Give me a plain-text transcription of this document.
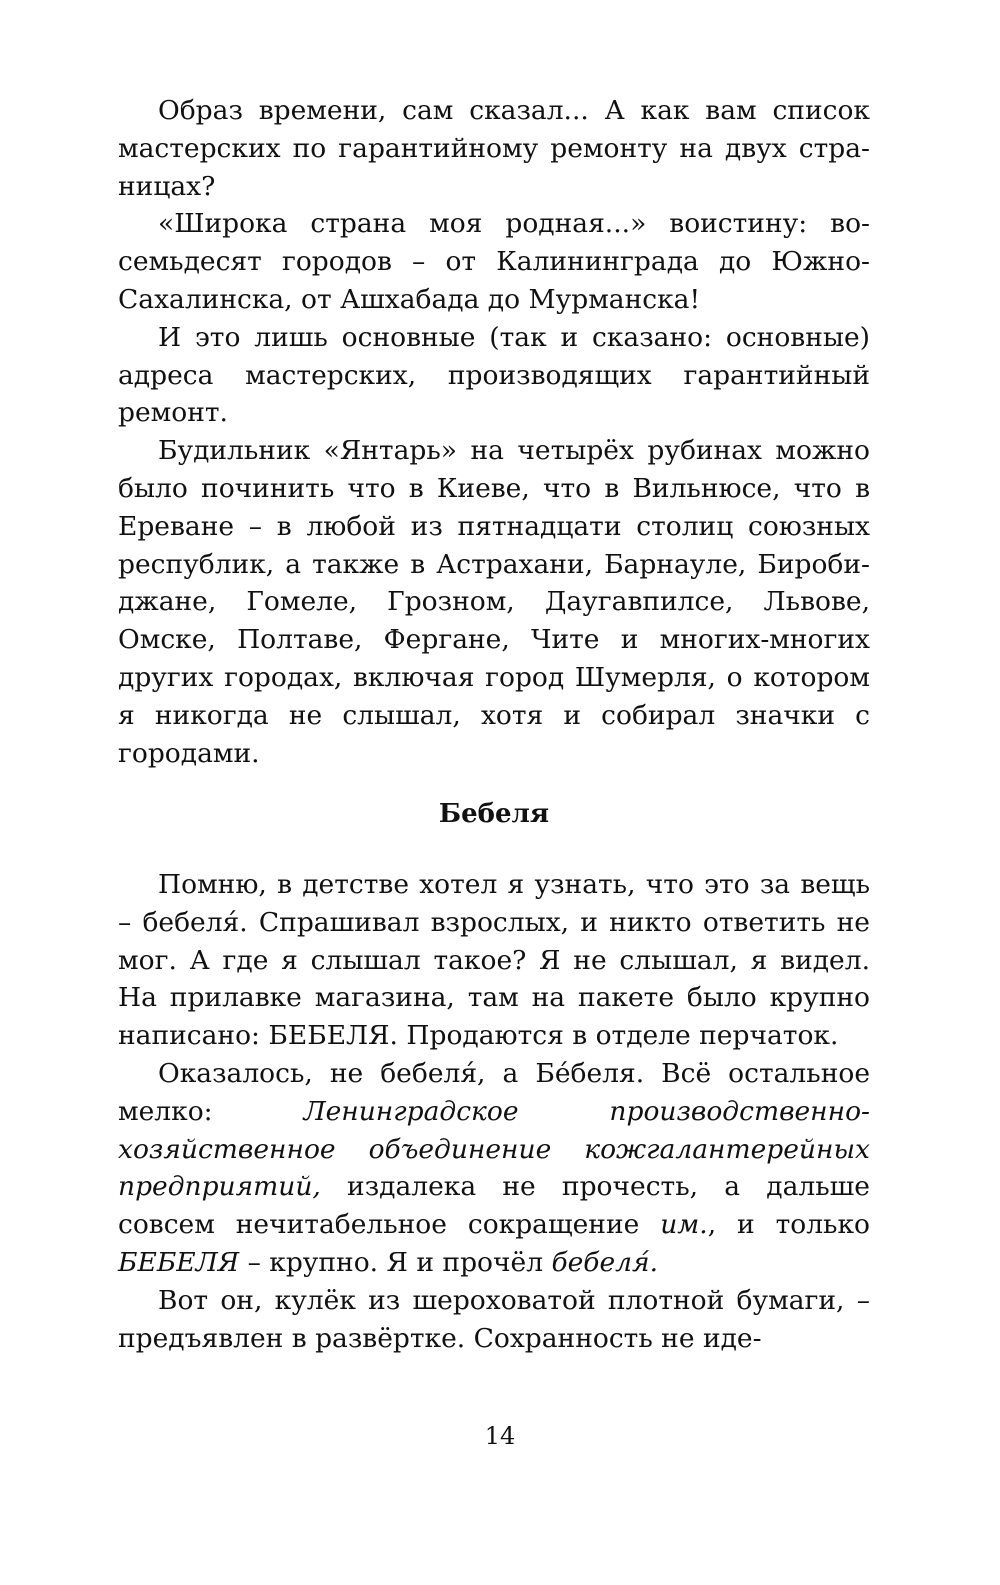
Образ времени, сам сказал... А как вам список мастерских по гарантийному ремонту на двух страницах?

«Широка страна моя родная...» воистину: восемьдесят городов – от Калининграда до Южно-Сахалинска, от Ашхабада до Мурманска!

И это лишь основные (так и сказано: основные) адреса мастерских, производящих гарантийный ремонт.

Будильник «Янтарь» на четырёх рубинах можно было починить что в Киеве, что в Вильнюсе, что в Ереване – в любой из пятнадцати столиц союзных республик, а также в Астрахани, Барнауле, Биробиджане, Гомеле, Грозном, Даугавпилсе, Львове, Омске, Полтаве, Фергане, Чите и многих-многих других городах, включая город Шумерля, о котором я никогда не слышал, хотя и собирал значки с городами.

Бебеля

Помню, в детстве хотел я узнать, что это за вещь – бебеля́. Спрашивал взрослых, и никто ответить не мог. А где я слышал такое? Я не слышал, я видел. На прилавке магазина, там на пакете было крупно написано: БЕБЕЛЯ. Продаются в отделе перчаток.

Оказалось, не бебеля́, а Бе́беля. Всё остальное мелко: Ленинградское производственно-хозяйственное объединение кожгалантерейных предприятий, издалека не прочесть, а дальше совсем нечитабельное сокращение им., и только БЕБЕЛЯ – крупно. Я и прочёл бебеля́.

Вот он, кулёк из шероховатой плотной бумаги, – предъявлен в развёртке. Сохранность не иде-

14
